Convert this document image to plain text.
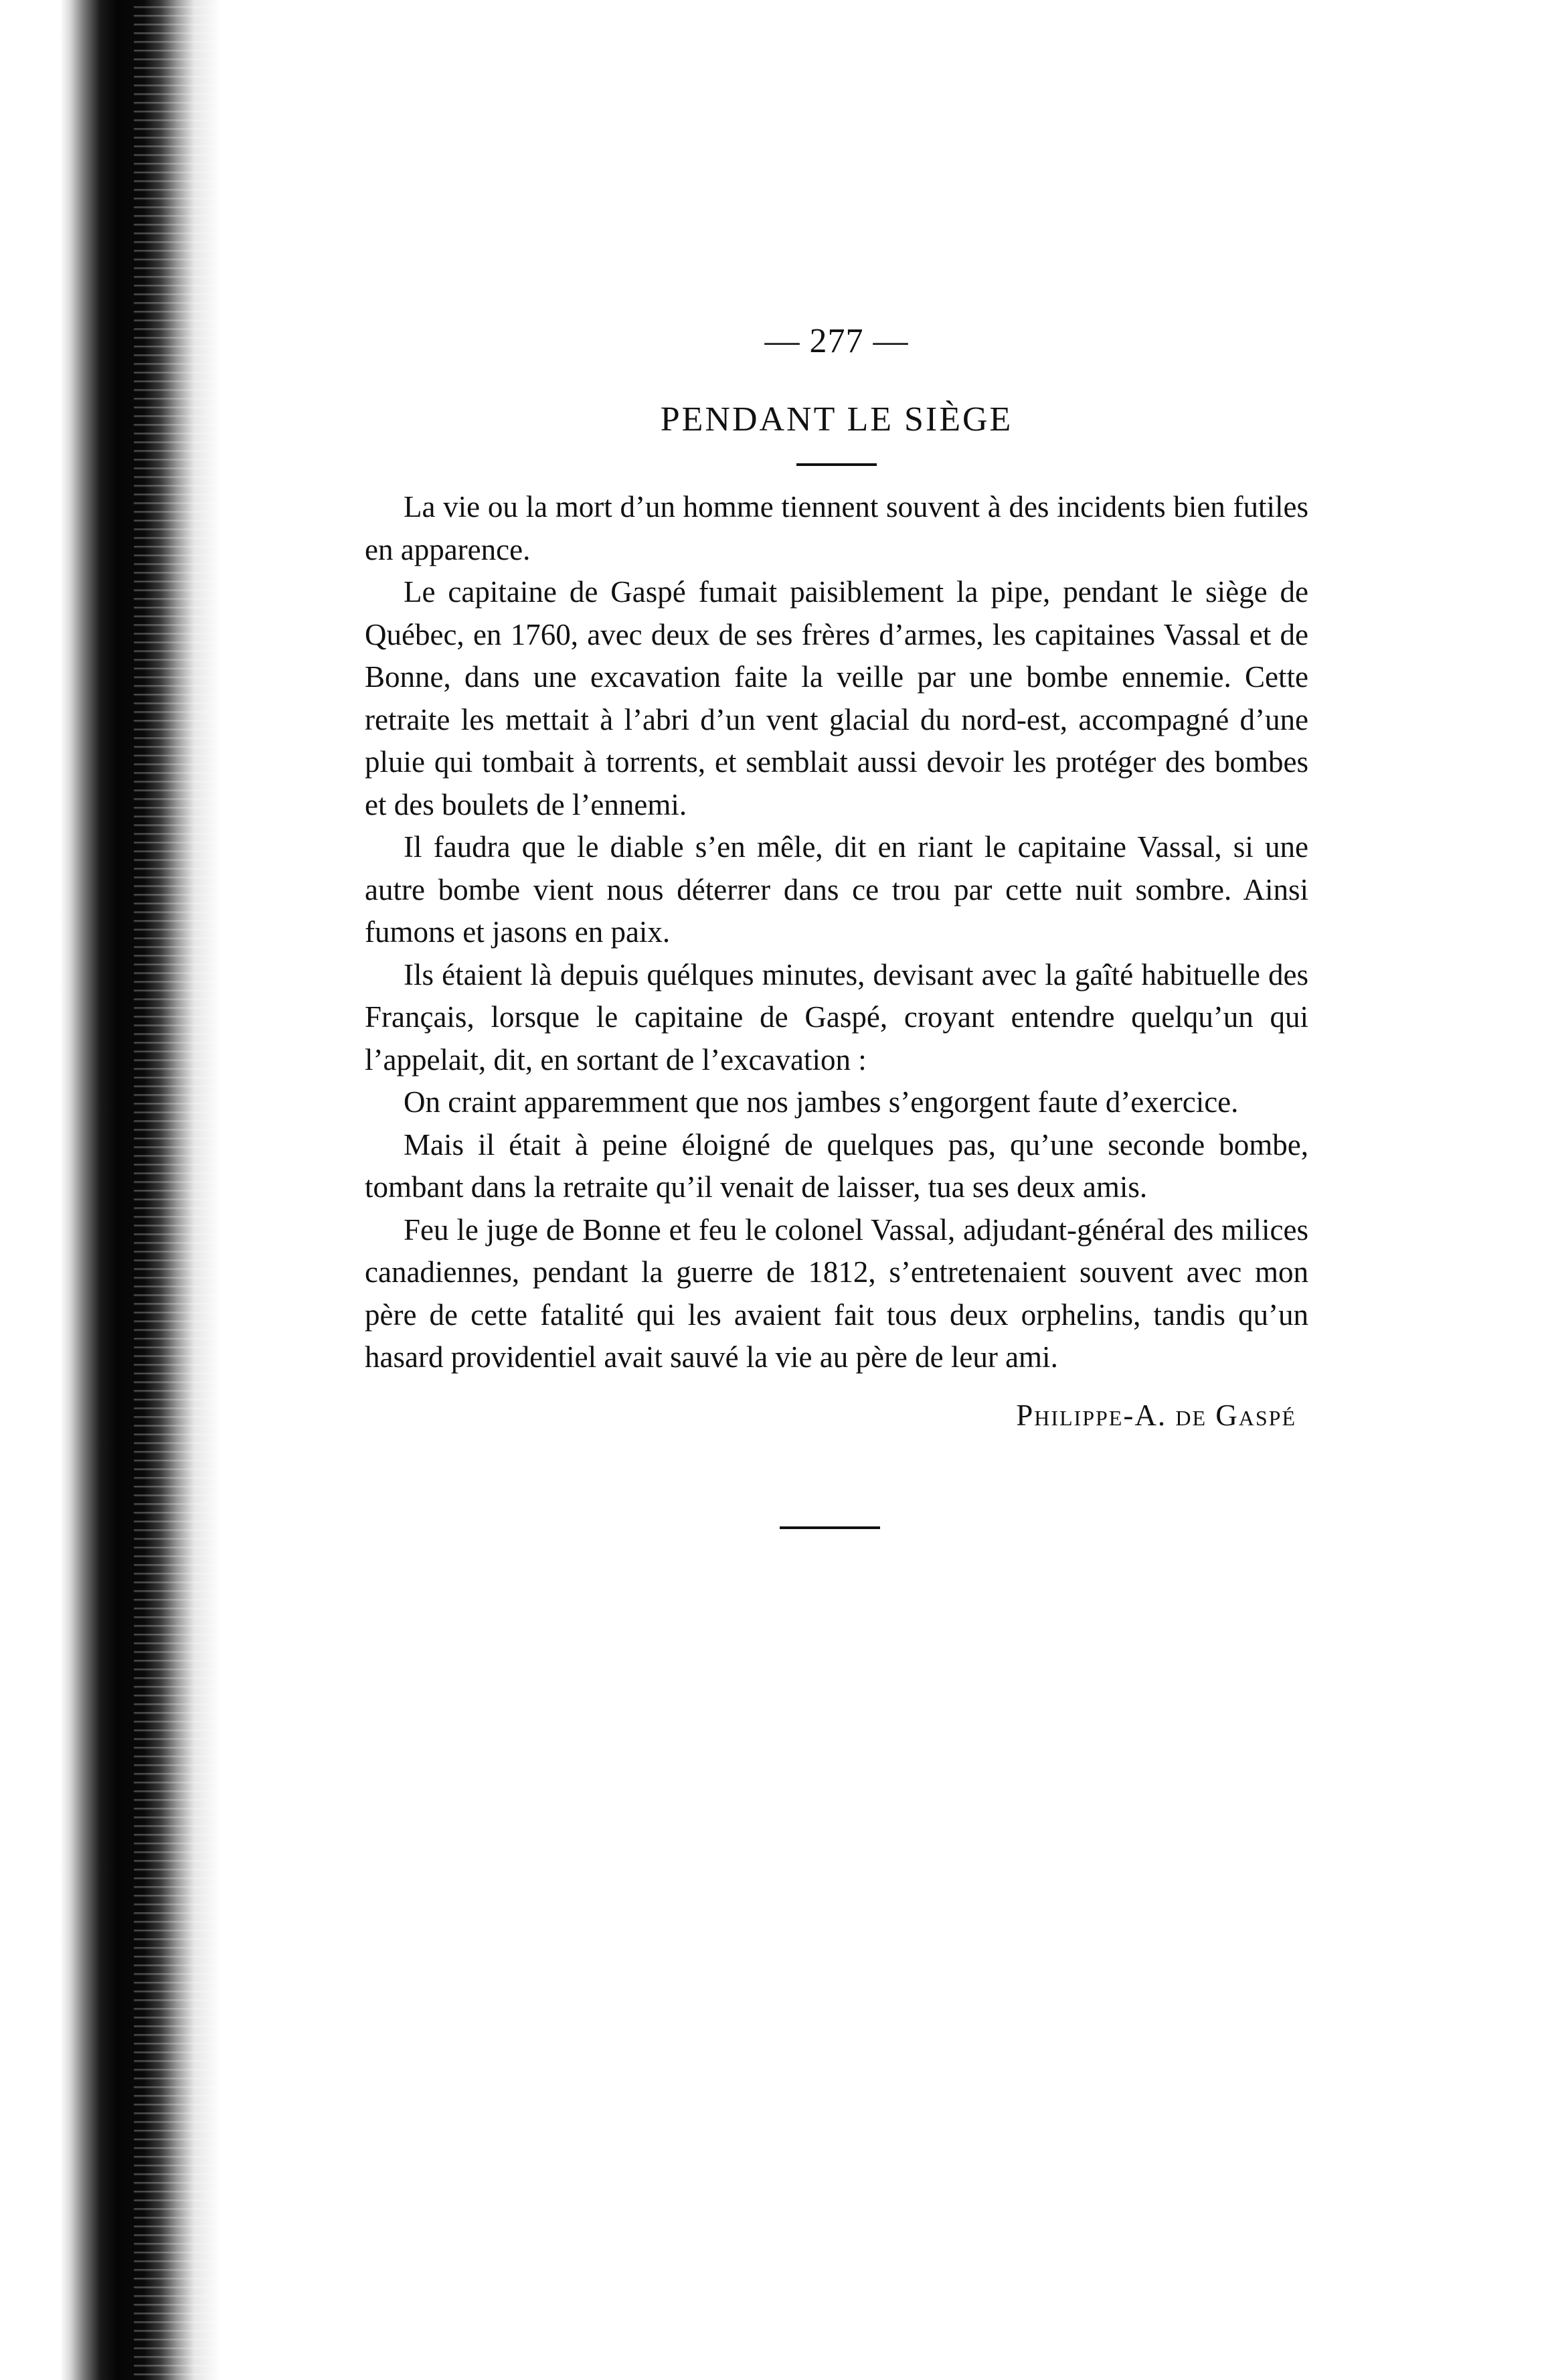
— 277 —
PENDANT LE SIÈGE

La vie ou la mort d’un homme tiennent souvent à des incidents bien futiles en apparence.

Le capitaine de Gaspé fumait paisiblement la pipe, pendant le siège de Québec, en 1760, avec deux de ses frères d’armes, les capitaines Vassal et de Bonne, dans une excavation faite la veille par une bombe ennemie. Cette retraite les mettait à l’abri d’un vent glacial du nord-est, accompagné d’une pluie qui tombait à torrents, et semblait aussi devoir les protéger des bombes et des boulets de l’ennemi.

Il faudra que le diable s’en mêle, dit en riant le capitaine Vassal, si une autre bombe vient nous déterrer dans ce trou par cette nuit sombre. Ainsi fumons et jasons en paix.

Ils étaient là depuis quélques minutes, devisant avec la gaîté habituelle des Français, lorsque le capitaine de Gaspé, croyant entendre quelqu’un qui l’appelait, dit, en sortant de l’excavation :

On craint apparemment que nos jambes s’engorgent faute d’exercice.

Mais il était à peine éloigné de quelques pas, qu’une seconde bombe, tombant dans la retraite qu’il venait de laisser, tua ses deux amis.

Feu le juge de Bonne et feu le colonel Vassal, adjudant-général des milices canadiennes, pendant la guerre de 1812, s’entretenaient souvent avec mon père de cette fatalité qui les avaient fait tous deux orphelins, tandis qu’un hasard providentiel avait sauvé la vie au père de leur ami.

Philippe-A. de Gaspé
